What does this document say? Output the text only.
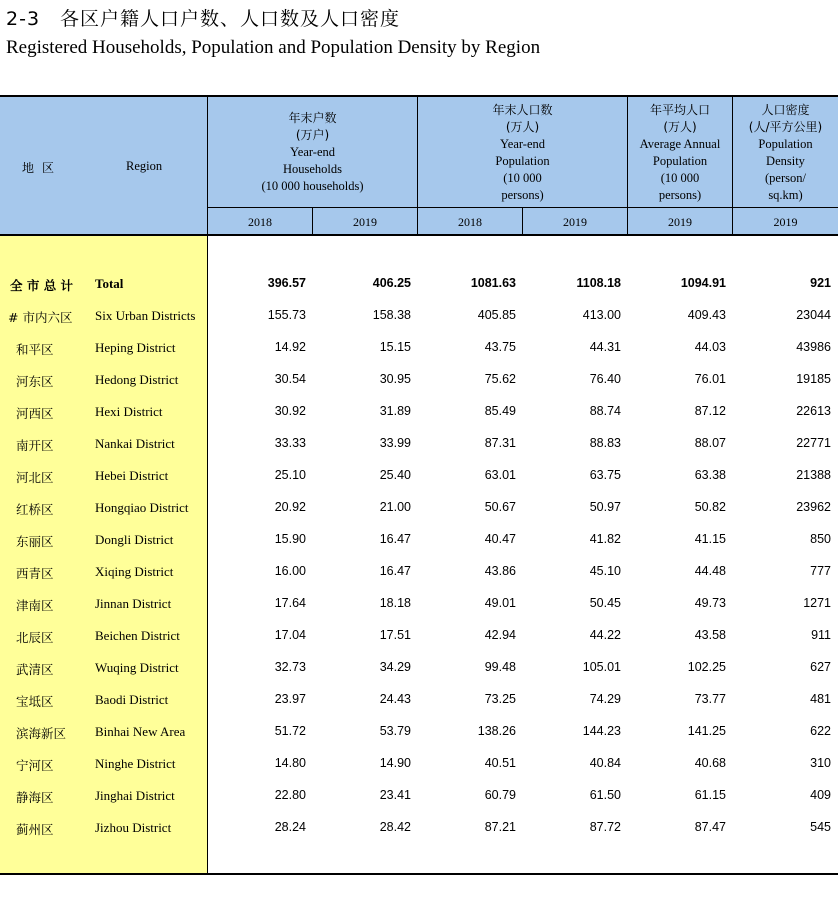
2-3　各区户籍人口户数、人口数及人口密度
Registered Households, Population and Population Density by Region
地区	Region
年末户数
(万户)
Year-end
Households
(10 000 households)
年末人口数
(万人)
Year-end
Population
(10 000
persons)
年平均人口
(万人)
Average Annual
Population
(10 000
persons)
人口密度
(人/平方公里)
Population
Density
(person/
sq.km)
2018	2019	2018	2019	2019	2019
全 市 总 计 Total	396.57	406.25	1081.63	1108.18	1094.91	921
# 市内六区 Six Urban Districts	155.73	158.38	405.85	413.00	409.43	23044
和平区	Heping District	14.92	15.15	43.75	44.31	44.03	43986
河东区	Hedong District	30.54	30.95	75.62	76.40	76.01	19185
河西区	Hexi District	30.92	31.89	85.49	88.74	87.12	22613
南开区	Nankai District	33.33	33.99	87.31	88.83	88.07	22771
河北区	Hebei District	25.10	25.40	63.01	63.75	63.38	21388
红桥区	Hongqiao District	20.92	21.00	50.67	50.97	50.82	23962
东丽区	Dongli District	15.90	16.47	40.47	41.82	41.15	850
西青区	Xiqing District	16.00	16.47	43.86	45.10	44.48	777
津南区	Jinnan District	17.64	18.18	49.01	50.45	49.73	1271
北辰区	Beichen District	17.04	17.51	42.94	44.22	43.58	911
武清区	Wuqing District	32.73	34.29	99.48	105.01	102.25	627
宝坻区	Baodi District	23.97	24.43	73.25	74.29	73.77	481
滨海新区 Binhai New Area	51.72	53.79	138.26	144.23	141.25	622
宁河区	Ninghe District	14.80	14.90	40.51	40.84	40.68	310
静海区	Jinghai District	22.80	23.41	60.79	61.50	61.15	409
蓟州区	Jizhou District	28.24	28.42	87.21	87.72	87.47	545
